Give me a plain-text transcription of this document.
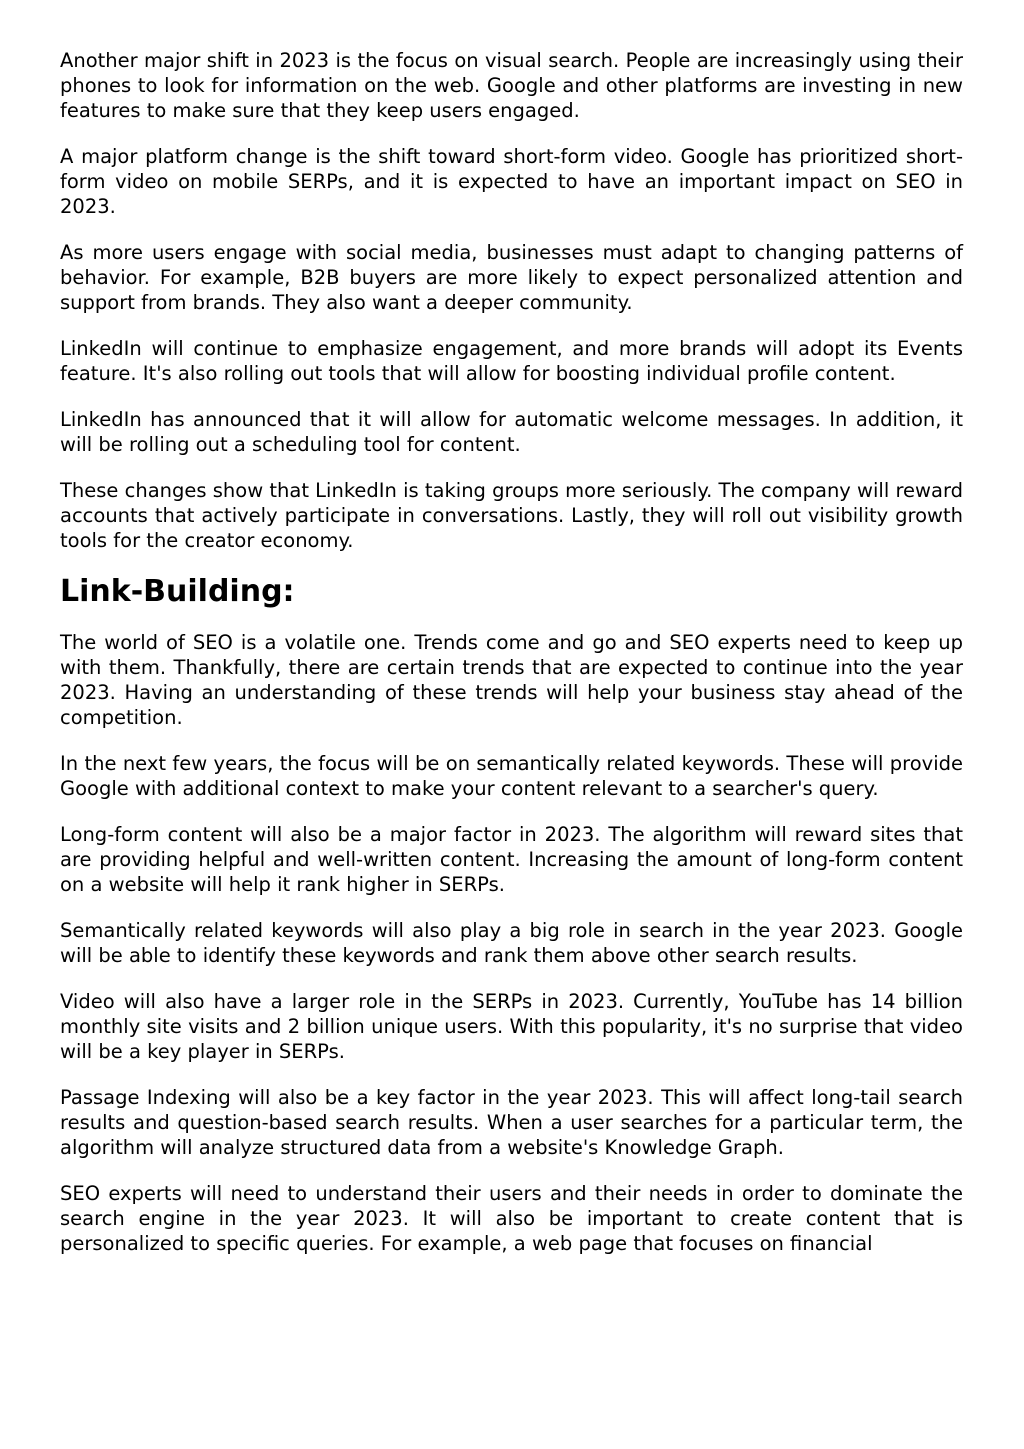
Another major shift in 2023 is the focus on visual search. People are increasingly using their phones to look for information on the web. Google and other platforms are investing in new features to make sure that they keep users engaged.

A major platform change is the shift toward short-form video. Google has prioritized short-form video on mobile SERPs, and it is expected to have an important impact on SEO in 2023.

As more users engage with social media, businesses must adapt to changing patterns of behavior. For example, B2B buyers are more likely to expect personalized attention and support from brands. They also want a deeper community.

LinkedIn will continue to emphasize engagement, and more brands will adopt its Events feature. It's also rolling out tools that will allow for boosting individual profile content.

LinkedIn has announced that it will allow for automatic welcome messages. In addition, it will be rolling out a scheduling tool for content.

These changes show that LinkedIn is taking groups more seriously. The company will reward accounts that actively participate in conversations. Lastly, they will roll out visibility growth tools for the creator economy.

Link-Building:

The world of SEO is a volatile one. Trends come and go and SEO experts need to keep up with them. Thankfully, there are certain trends that are expected to continue into the year 2023. Having an understanding of these trends will help your business stay ahead of the competition.

In the next few years, the focus will be on semantically related keywords. These will provide Google with additional context to make your content relevant to a searcher's query.

Long-form content will also be a major factor in 2023. The algorithm will reward sites that are providing helpful and well-written content. Increasing the amount of long-form content on a website will help it rank higher in SERPs.

Semantically related keywords will also play a big role in search in the year 2023. Google will be able to identify these keywords and rank them above other search results.

Video will also have a larger role in the SERPs in 2023. Currently, YouTube has 14 billion monthly site visits and 2 billion unique users. With this popularity, it's no surprise that video will be a key player in SERPs.

Passage Indexing will also be a key factor in the year 2023. This will affect long-tail search results and question-based search results. When a user searches for a particular term, the algorithm will analyze structured data from a website's Knowledge Graph.

SEO experts will need to understand their users and their needs in order to dominate the search engine in the year 2023. It will also be important to create content that is personalized to specific queries. For example, a web page that focuses on financial
